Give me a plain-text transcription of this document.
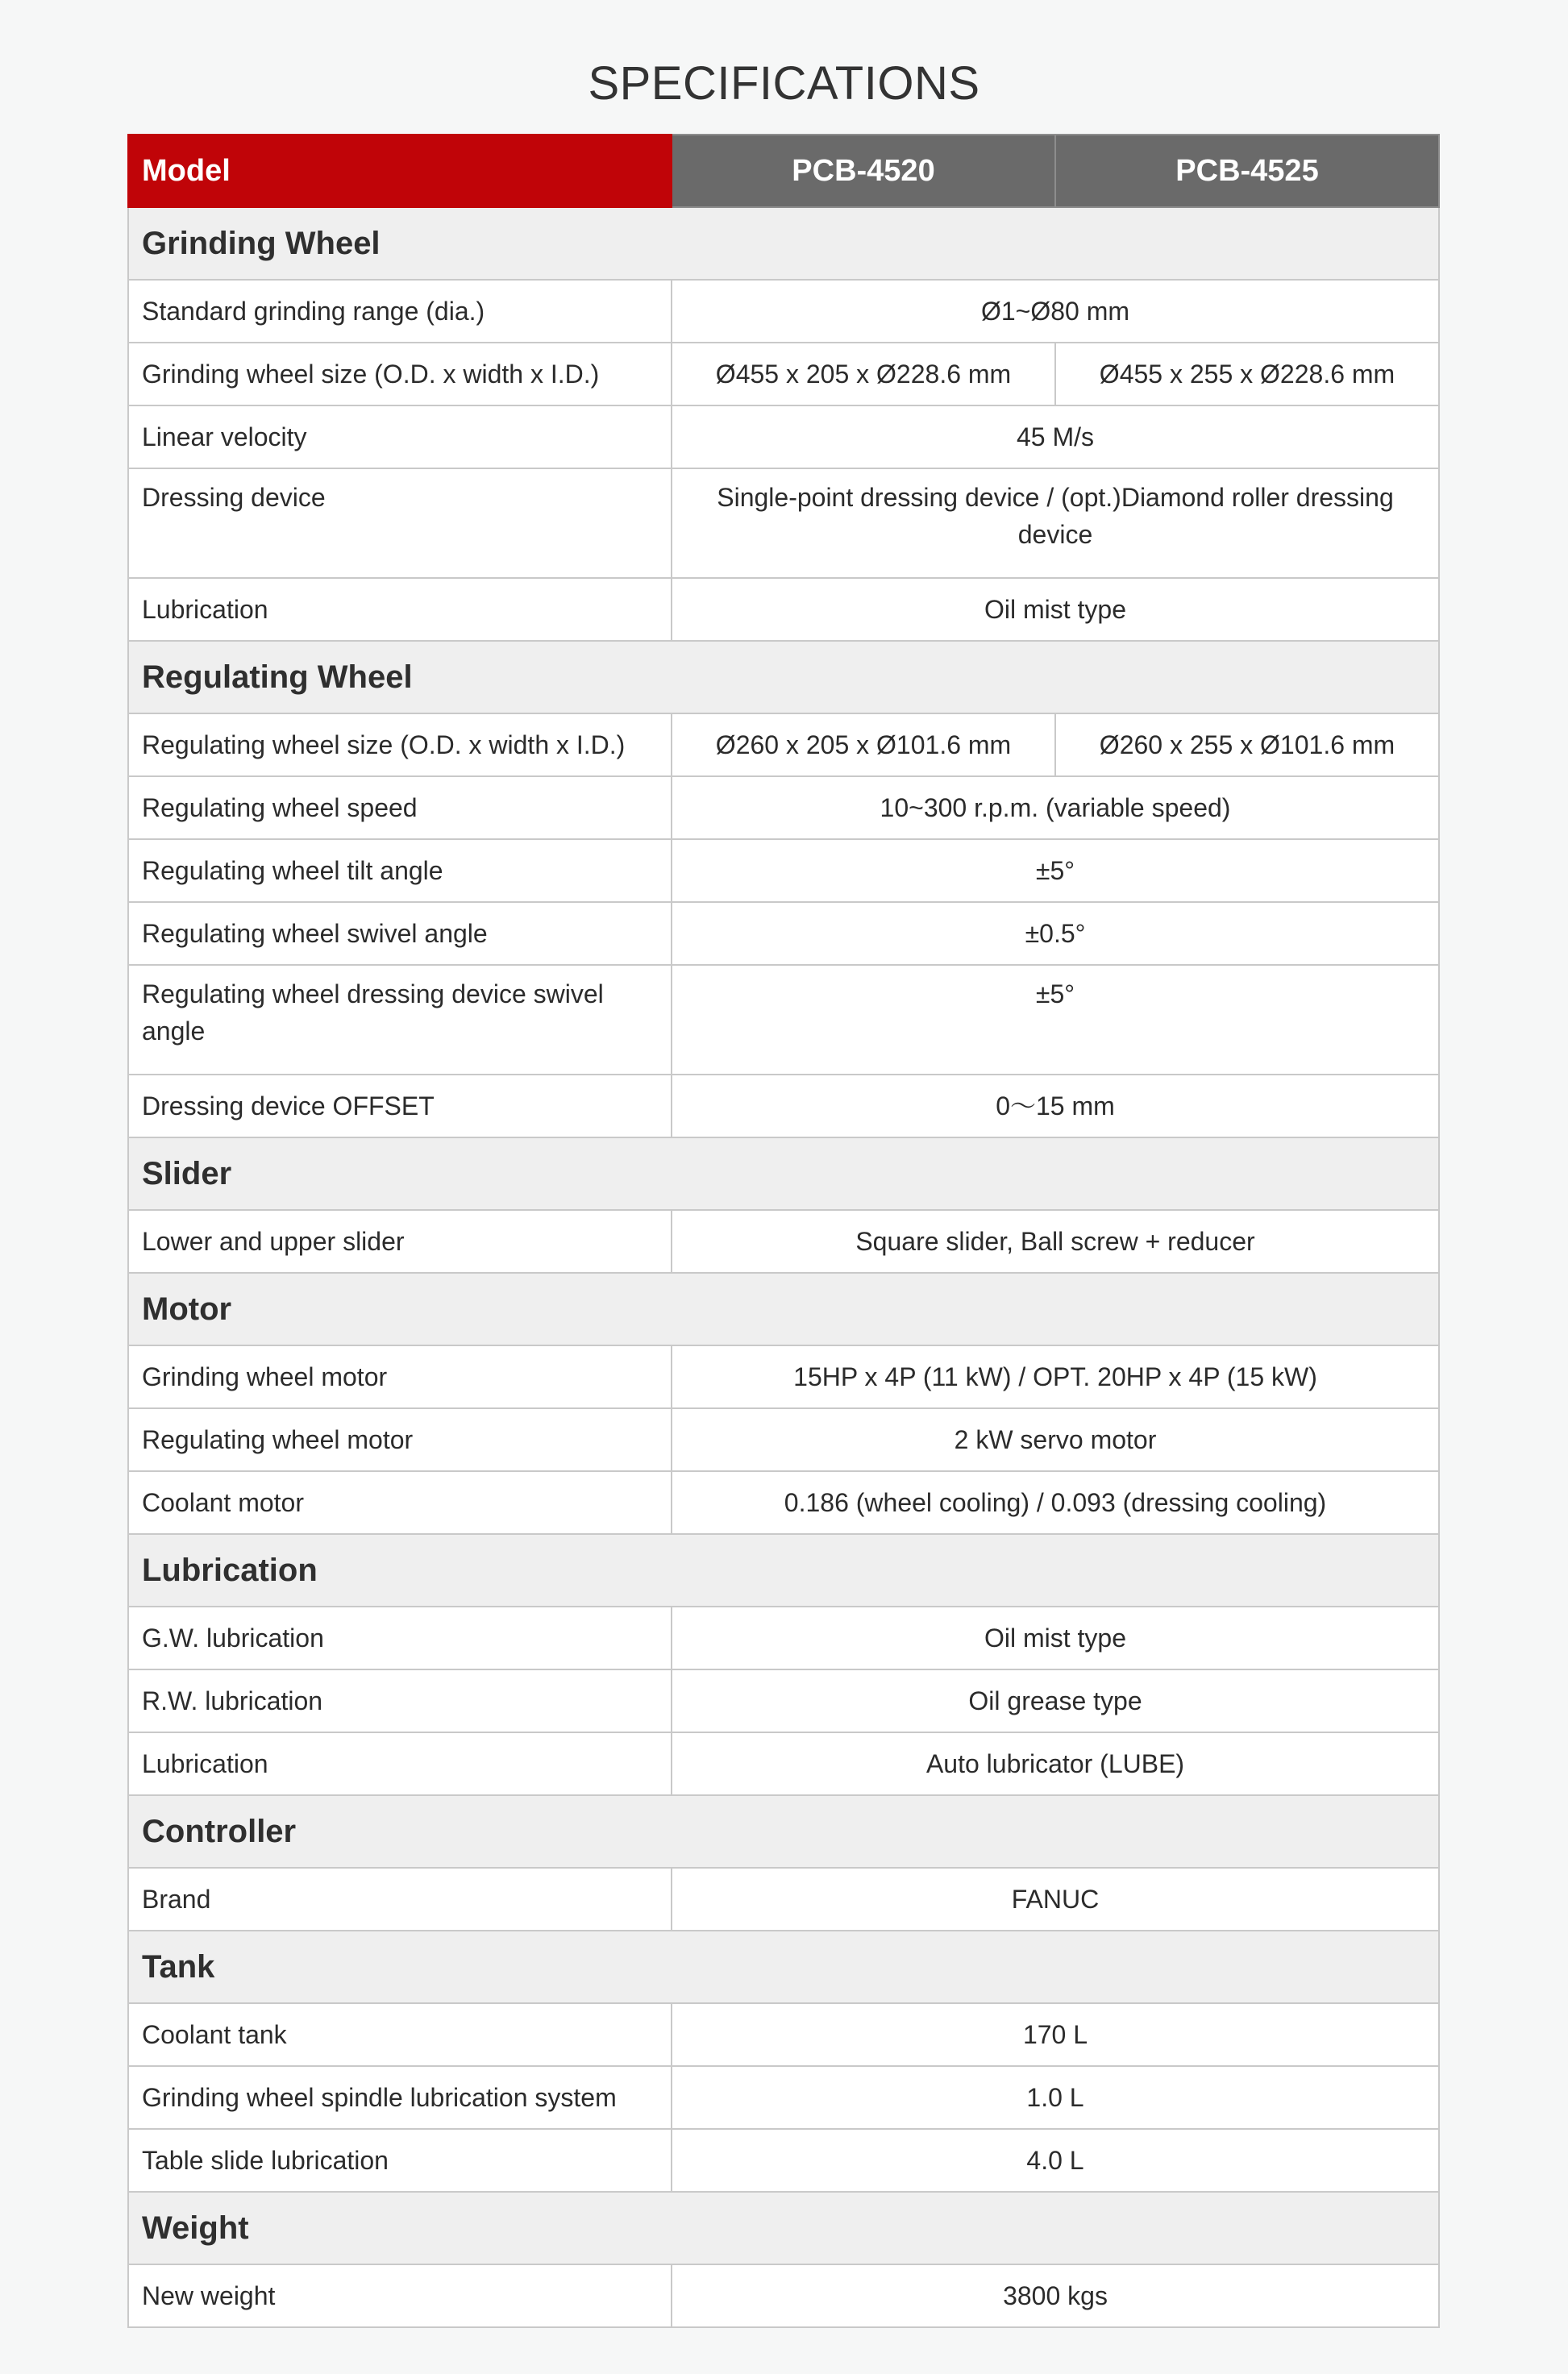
SPECIFICATIONS
Model	PCB-4520	PCB-4525
Grinding Wheel		
Standard grinding range (dia.)	Ø1~Ø80 mm	
Grinding wheel size (O.D. x width x I.D.)	Ø455 x 205 x Ø228.6 mm	Ø455 x 255 x Ø228.6 mm
Linear velocity	45 M/s	
Dressing device	Single-point dressing device / (opt.)Diamond roller dressing device	
Lubrication	Oil mist type	
Regulating Wheel		
Regulating wheel size (O.D. x width x I.D.)	Ø260 x 205 x Ø101.6 mm	Ø260 x 255 x Ø101.6 mm
Regulating wheel speed	10~300 r.p.m. (variable speed)	
Regulating wheel tilt angle	±5°	
Regulating wheel swivel angle	±0.5°	
Regulating wheel dressing device swivel angle	±5°	
Dressing device OFFSET	0～15 mm	
Slider		
Lower and upper slider	Square slider, Ball screw + reducer	
Motor		
Grinding wheel motor	15HP x 4P (11 kW) / OPT. 20HP x 4P (15 kW)	
Regulating wheel motor	2 kW servo motor	
Coolant motor	0.186 (wheel cooling) / 0.093 (dressing cooling)	
Lubrication		
G.W. lubrication	Oil mist type	
R.W. lubrication	Oil grease type	
Lubrication	Auto lubricator (LUBE)	
Controller		
Brand	FANUC	
Tank		
Coolant tank	170 L	
Grinding wheel spindle lubrication system	1.0 L	
Table slide lubrication	4.0 L	
Weight		
New weight	3800 kgs	
